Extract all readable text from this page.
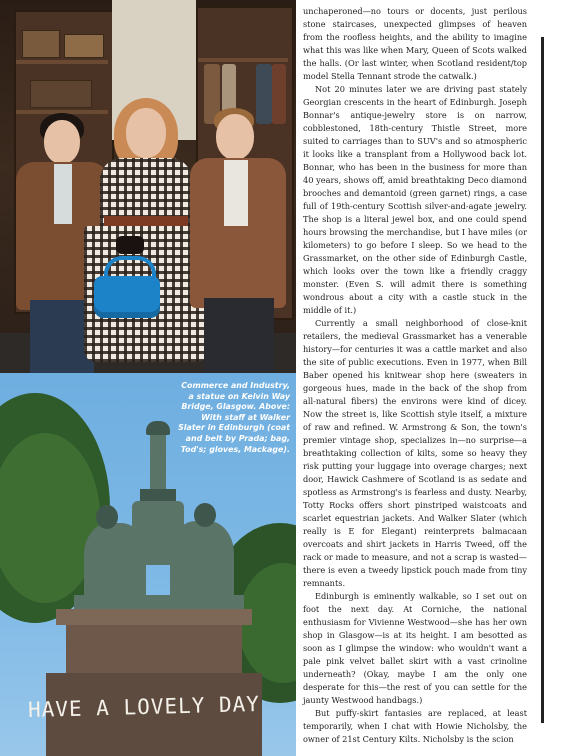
HAVE A LOVELY DAY
Commerce and Industry, a statue on Kelvin Way Bridge, Glasgow. Above: With staff at Walker Slater in Edinburgh (coat and belt by Prada; bag, Tod's; gloves, Mackage).

unchaperoned—no tours or docents, just perilous stone staircases, unexpected glimpses of heaven from the roofless heights, and the ability to imagine what this was like when Mary, Queen of Scots walked the halls. (Or last winter, when Scotland resident/top model Stella Tennant strode the catwalk.)

Not 20 minutes later we are driving past stately Georgian crescents in the heart of Edinburgh. Joseph Bonnar's antique-jewelry store is on narrow, cobblestoned, 18th-century Thistle Street, more suited to carriages than to SUV's and so atmospheric it looks like a transplant from a Hollywood back lot. Bonnar, who has been in the business for more than 40 years, shows off, amid breathtaking Deco diamond brooches and demantoid (green garnet) rings, a case full of 19th-century Scottish silver-and-agate jewelry. The shop is a literal jewel box, and one could spend hours browsing the merchandise, but I have miles (or kilometers) to go before I sleep. So we head to the Grassmarket, on the other side of Edinburgh Castle, which looks over the town like a friendly craggy monster. (Even S. will admit there is something wondrous about a city with a castle stuck in the middle of it.)

Currently a small neighborhood of close-knit retailers, the medieval Grassmarket has a venerable history—for centuries it was a cattle market and also the site of public executions. Even in 1977, when Bill Baber opened his knitwear shop here (sweaters in gorgeous hues, made in the back of the shop from all-natural fibers) the environs were kind of dicey. Now the street is, like Scottish style itself, a mixture of raw and refined. W. Armstrong & Son, the town's premier vintage shop, specializes in—no surprise—a breathtaking collection of kilts, some so heavy they risk putting your luggage into overage charges; next door, Hawick Cashmere of Scotland is as sedate and spotless as Armstrong's is fearless and dusty. Nearby, Totty Rocks offers short pinstriped waistcoats and scarlet equestrian jackets. And Walker Slater (which really is E for Elegant) reinterprets balmacaan overcoats and shirt jackets in Harris Tweed, off the rack or made to measure, and not a scrap is wasted—there is even a tweedy lipstick pouch made from tiny remnants.

Edinburgh is eminently walkable, so I set out on foot the next day. At Corniche, the national enthusiasm for Vivienne Westwood—she has her own shop in Glasgow—is at its height. I am besotted as soon as I glimpse the window: who wouldn't want a pale pink velvet ballet skirt with a vast crinoline underneath? (Okay, maybe I am the only one desperate for this—the rest of you can settle for the jaunty Westwood handbags.)

But puffy-skirt fantasies are replaced, at least temporarily, when I chat with Howie Nicholsby, the owner of 21st Century Kilts. Nicholsby is the scion
